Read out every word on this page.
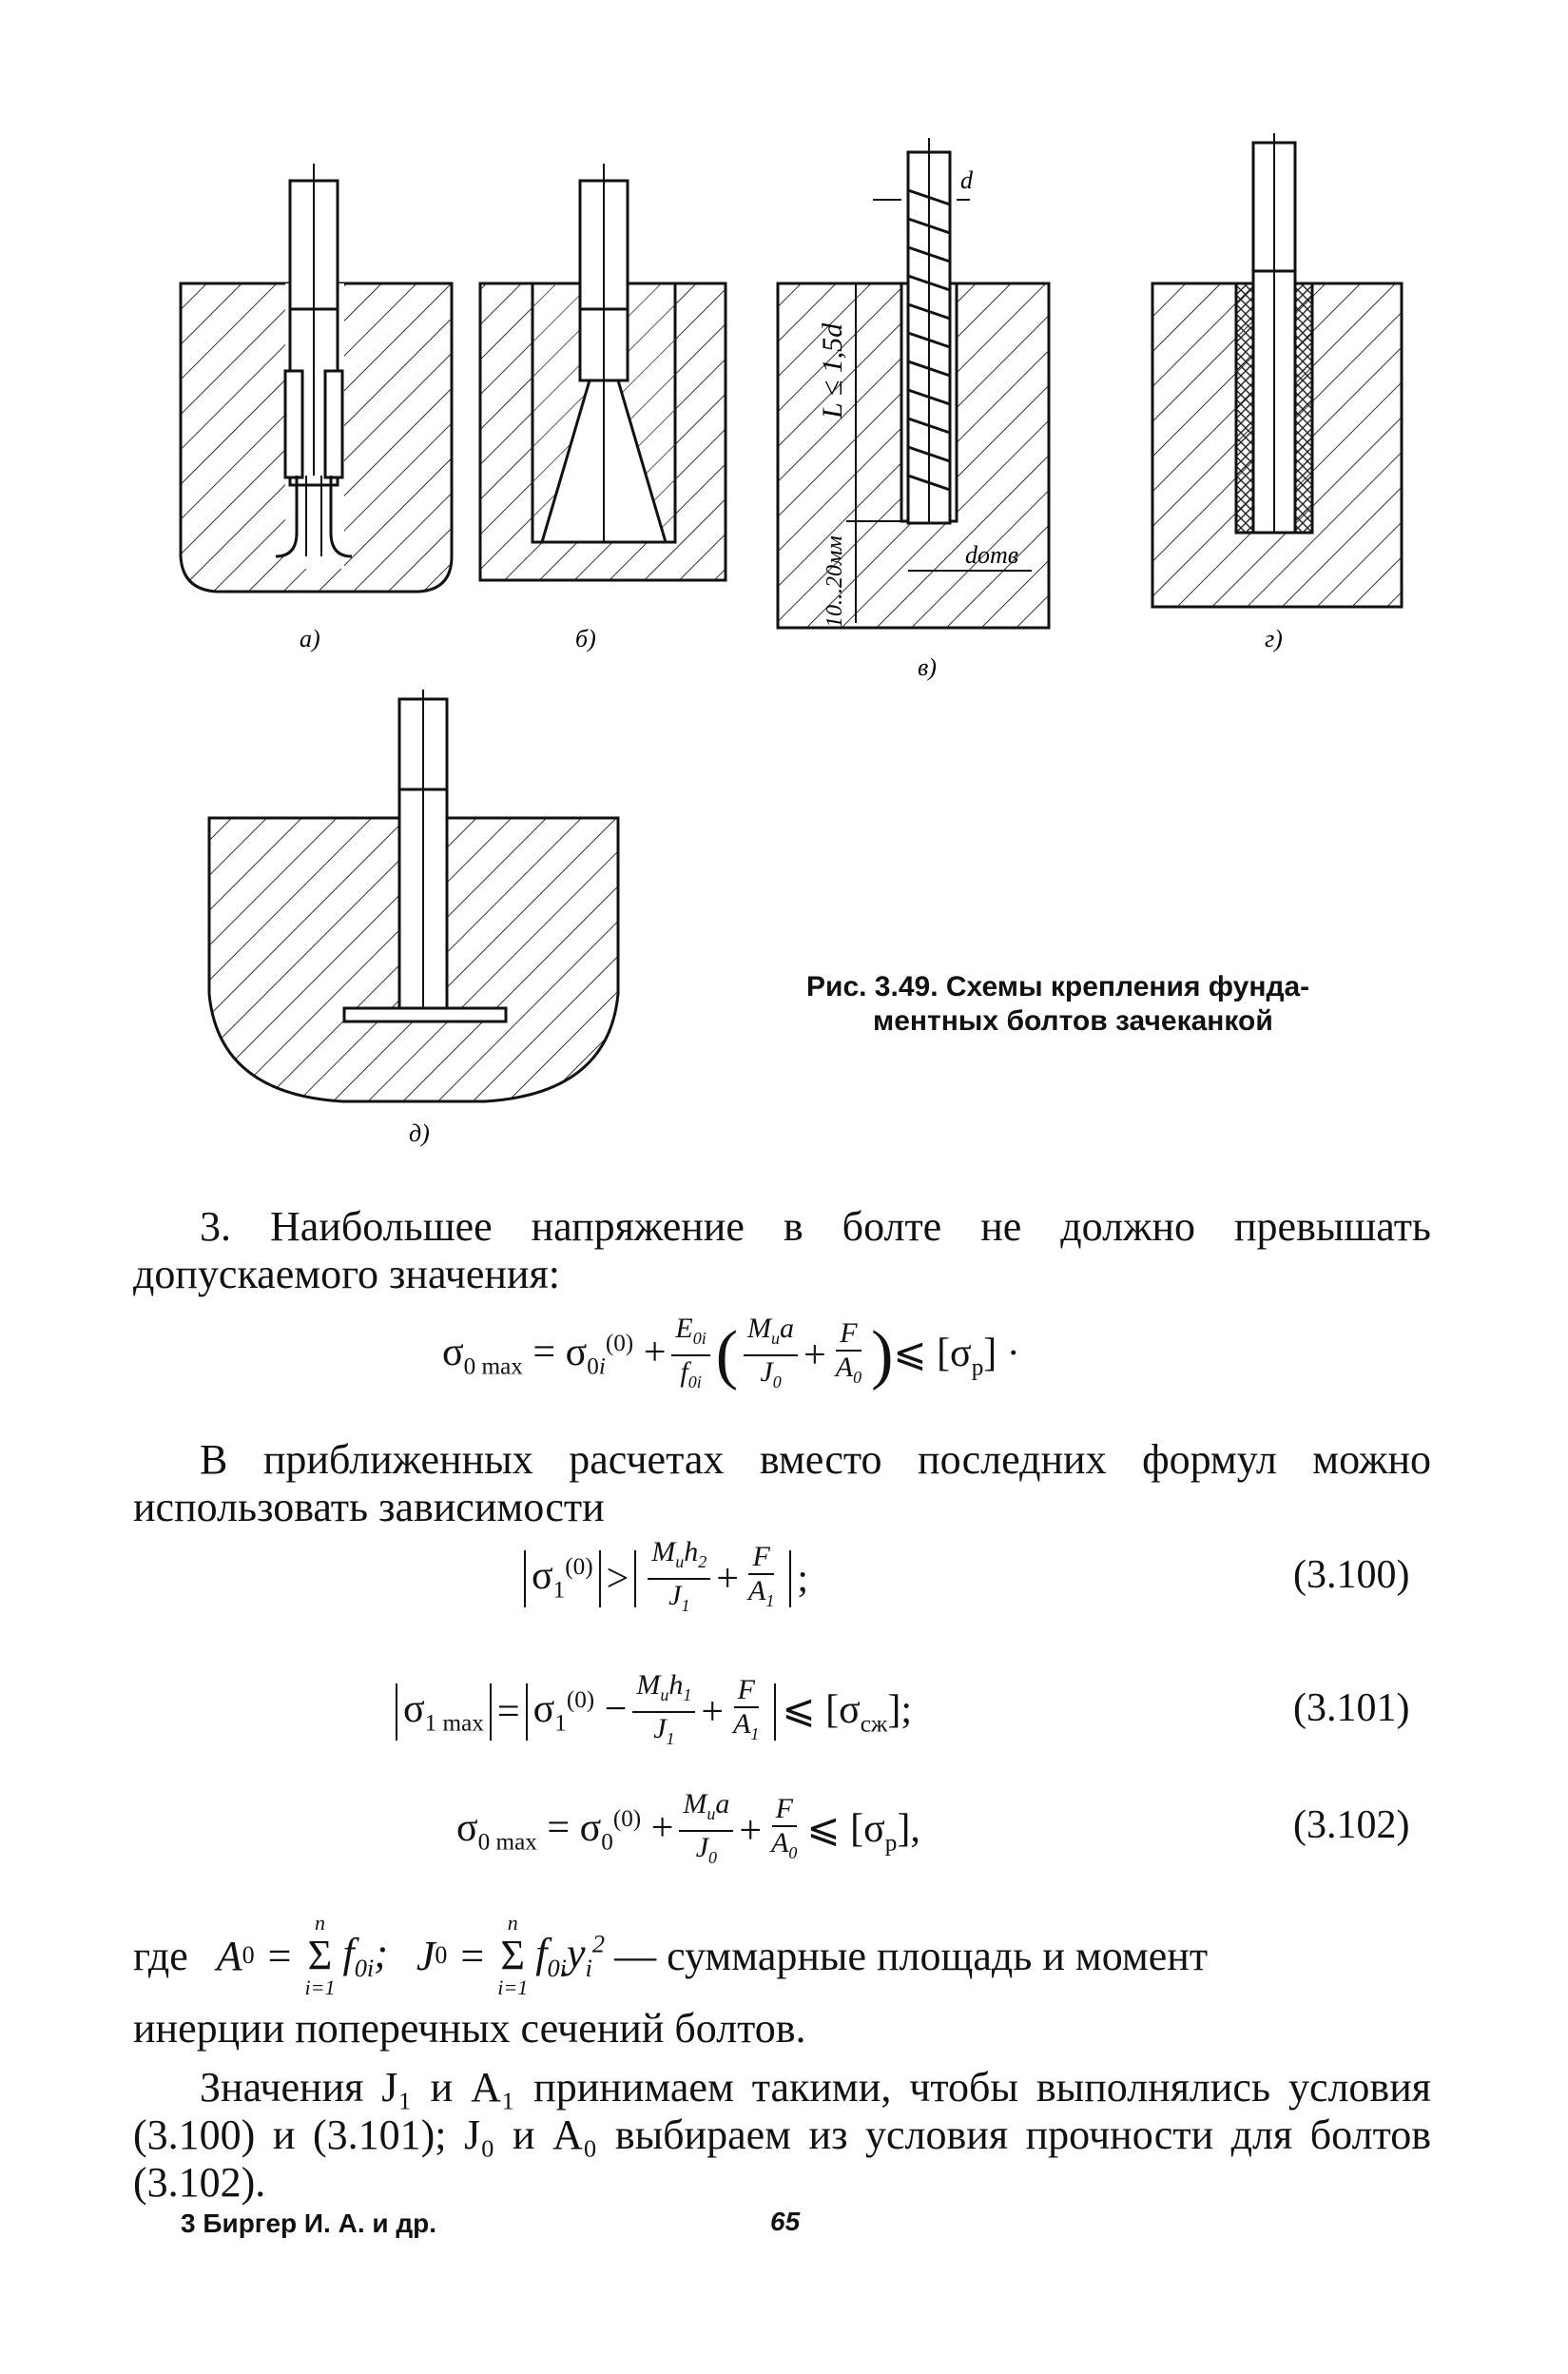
d
L ≤ 1,5d
10...20мм	dотв
а)	б)
в)
г)
д)
Рис. 3.49. Схемы крепления фунда-
ментных болтов зачеканкой
3. Наибольшее напряжение в болте не должно превышать допускаемого значения:
$\sigma_{0 max} = \sigma_{0i}^{(0)} + \frac{E_{0i}}{f_{0i}}$ ( $\frac{M_иa}{J_0} + \frac{F}{A_0}$ ) ⩽ $[\sigma_р]$ ·
В приближенных расчетах вместо последних формул можно использовать зависимости
$\sigma_1^{(0)} > \frac{M_иh_2}{J_1} + \frac{F}{A_1}$ ;	(3.100)
$\sigma_{1 max} = \sigma_1^{(0)} - \frac{M_иh_1}{J_1} + \frac{F}{A_1}$ ⩽ $[\sigma_{сж}]$;	(3.101)
$\sigma_{0 max} = \sigma_0^{(0)} + \frac{M_иa}{J_0} + \frac{F}{A_0}$ ⩽ $[\sigma_р]$,	(3.102)
где A 0 =
n
Σ
i=1
$f_{0i}$; J 0 =
n
Σ
i=1
$f_{0i}y_i^2$ — суммарные площадь и момент
инерции поперечных сечений болтов.
Значения J₁ и A₁ принимаем такими, чтобы выполнялись условия (3.100) и (3.101); J₀ и A₀ выбираем из условия прочности для болтов (3.102).
3 Биргер И. А. и др.	65
